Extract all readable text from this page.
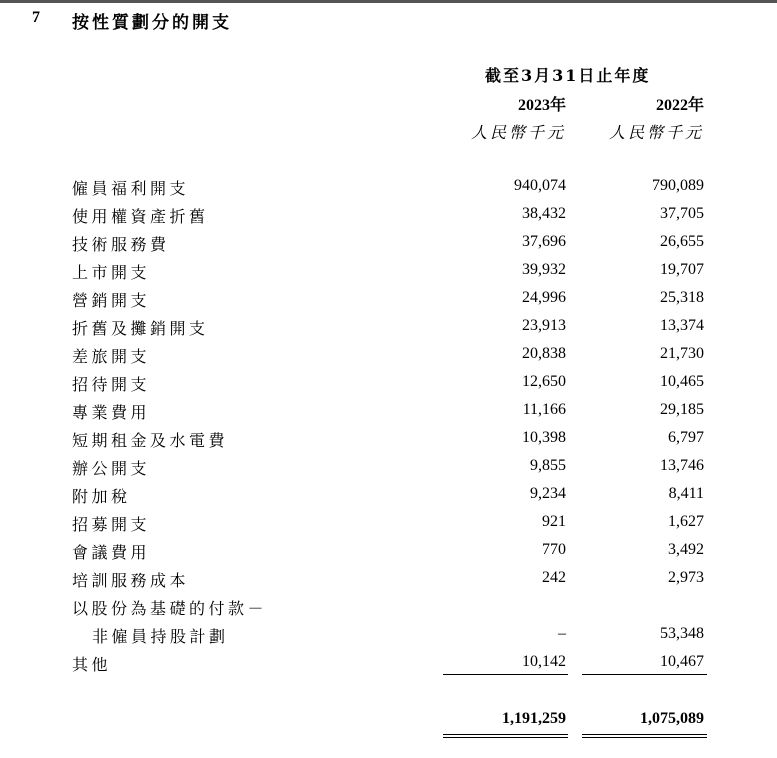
7 按性質劃分的開支
截至3月31日止年度
2023年	2022年
人民幣千元	人民幣千元
僱員福利開支	940,074	790,089
使用權資產折舊	38,432	37,705
技術服務費	37,696	26,655
上市開支	39,932	19,707
營銷開支	24,996	25,318
折舊及攤銷開支	23,913	13,374
差旅開支	20,838	21,730
招待開支	12,650	10,465
專業費用	11,166	29,185
短期租金及水電費	10,398	6,797
辦公開支	9,855	13,746
附加稅	9,234	8,411
招募開支	921	1,627
會議費用	770	3,492
培訓服務成本	242	2,973
以股份為基礎的付款－
非僱員持股計劃	–	53,348
其他	10,142	10,467
1,191,259	1,075,089
